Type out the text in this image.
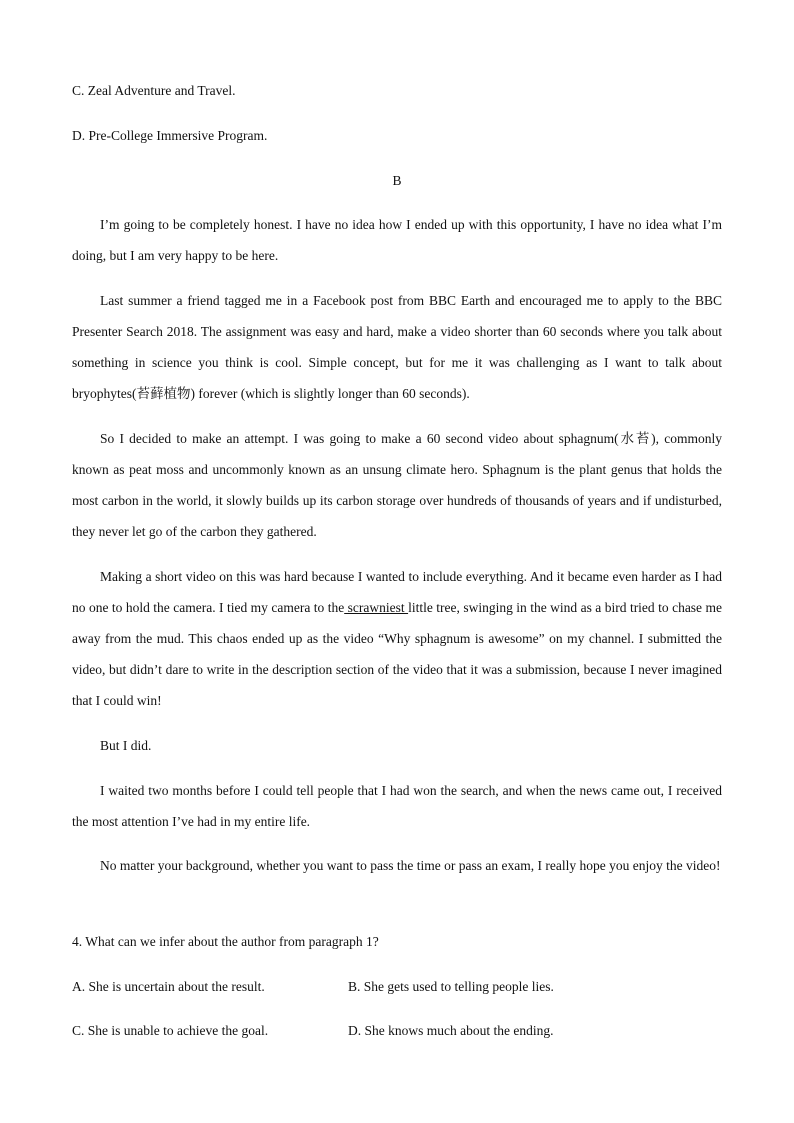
C. Zeal Adventure and Travel.
D. Pre-College Immersive Program.
B

I’m going to be completely honest. I have no idea how I ended up with this opportunity, I have no idea what I’m doing, but I am very happy to be here.

Last summer a friend tagged me in a Facebook post from BBC Earth and encouraged me to apply to the BBC Presenter Search 2018. The assignment was easy and hard, make a video shorter than 60 seconds where you talk about something in science you think is cool. Simple concept, but for me it was challenging as I want to talk about bryophytes(苔藓植物) forever (which is slightly longer than 60 seconds).

So I decided to make an attempt. I was going to make a 60 second video about sphagnum(水苔), commonly known as peat moss and uncommonly known as an unsung climate hero. Sphagnum is the plant genus that holds the most carbon in the world, it slowly builds up its carbon storage over hundreds of thousands of years and if undisturbed, they never let go of the carbon they gathered.

Making a short video on this was hard because I wanted to include everything. And it became even harder as I had no one to hold the camera. I tied my camera to the scrawniest little tree, swinging in the wind as a bird tried to chase me away from the mud. This chaos ended up as the video “Why sphagnum is awesome” on my channel. I submitted the video, but didn’t dare to write in the description section of the video that it was a submission, because I never imagined that I could win!

But I did.

I waited two months before I could tell people that I had won the search, and when the news came out, I received the most attention I’ve had in my entire life.

No matter your background, whether you want to pass the time or pass an exam, I really hope you enjoy the video!

4. What can we infer about the author from paragraph 1?
A. She is uncertain about the result.	B. She gets used to telling people lies.
C. She is unable to achieve the goal.	D. She knows much about the ending.
